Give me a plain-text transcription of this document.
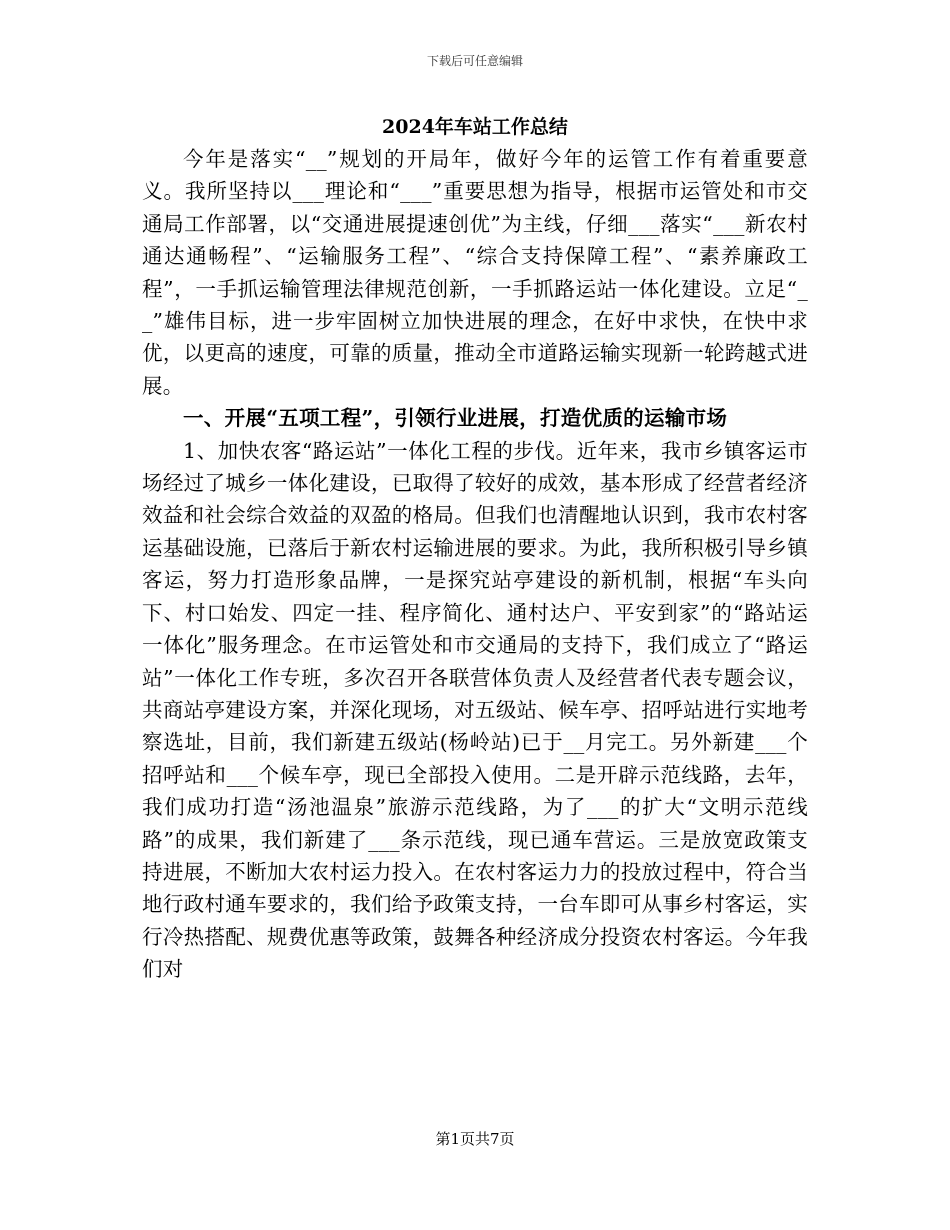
下载后可任意编辑
2024年车站工作总结

今年是落实“__”规划的开局年，做好今年的运管工作有着重要意义。我所坚持以___理论和“___”重要思想为指导，根据市运管处和市交通局工作部署，以“交通进展提速创优”为主线，仔细___落实“___新农村通达通畅程”、“运输服务工程”、“综合支持保障工程”、“素养廉政工程”，一手抓运输管理法律规范创新，一手抓路运站一体化建设。立足“__”雄伟目标，进一步牢固树立加快进展的理念，在好中求快，在快中求优，以更高的速度，可靠的质量，推动全市道路运输实现新一轮跨越式进展。

一、开展“五项工程”，引领行业进展，打造优质的运输市场

1、加快农客“路运站”一体化工程的步伐。近年来，我市乡镇客运市场经过了城乡一体化建设，已取得了较好的成效，基本形成了经营者经济效益和社会综合效益的双盈的格局。但我们也清醒地认识到，我市农村客运基础设施，已落后于新农村运输进展的要求。为此，我所积极引导乡镇客运，努力打造形象品牌，一是探究站亭建设的新机制，根据“车头向下、村口始发、四定一挂、程序简化、通村达户、平安到家”的“路站运一体化”服务理念。在市运管处和市交通局的支持下，我们成立了“路运站”一体化工作专班，多次召开各联营体负责人及经营者代表专题会议，共商站亭建设方案，并深化现场，对五级站、候车亭、招呼站进行实地考察选址，目前，我们新建五级站(杨岭站)已于__月完工。另外新建___个招呼站和___个候车亭，现已全部投入使用。二是开辟示范线路，去年，我们成功打造“汤池温泉”旅游示范线路，为了___的扩大“文明示范线路”的成果，我们新建了___条示范线，现已通车营运。三是放宽政策支持进展，不断加大农村运力投入。在农村客运力力的投放过程中，符合当地行政村通车要求的，我们给予政策支持，一台车即可从事乡村客运，实行冷热搭配、规费优惠等政策，鼓舞各种经济成分投资农村客运。今年我们对

第1页共7页
